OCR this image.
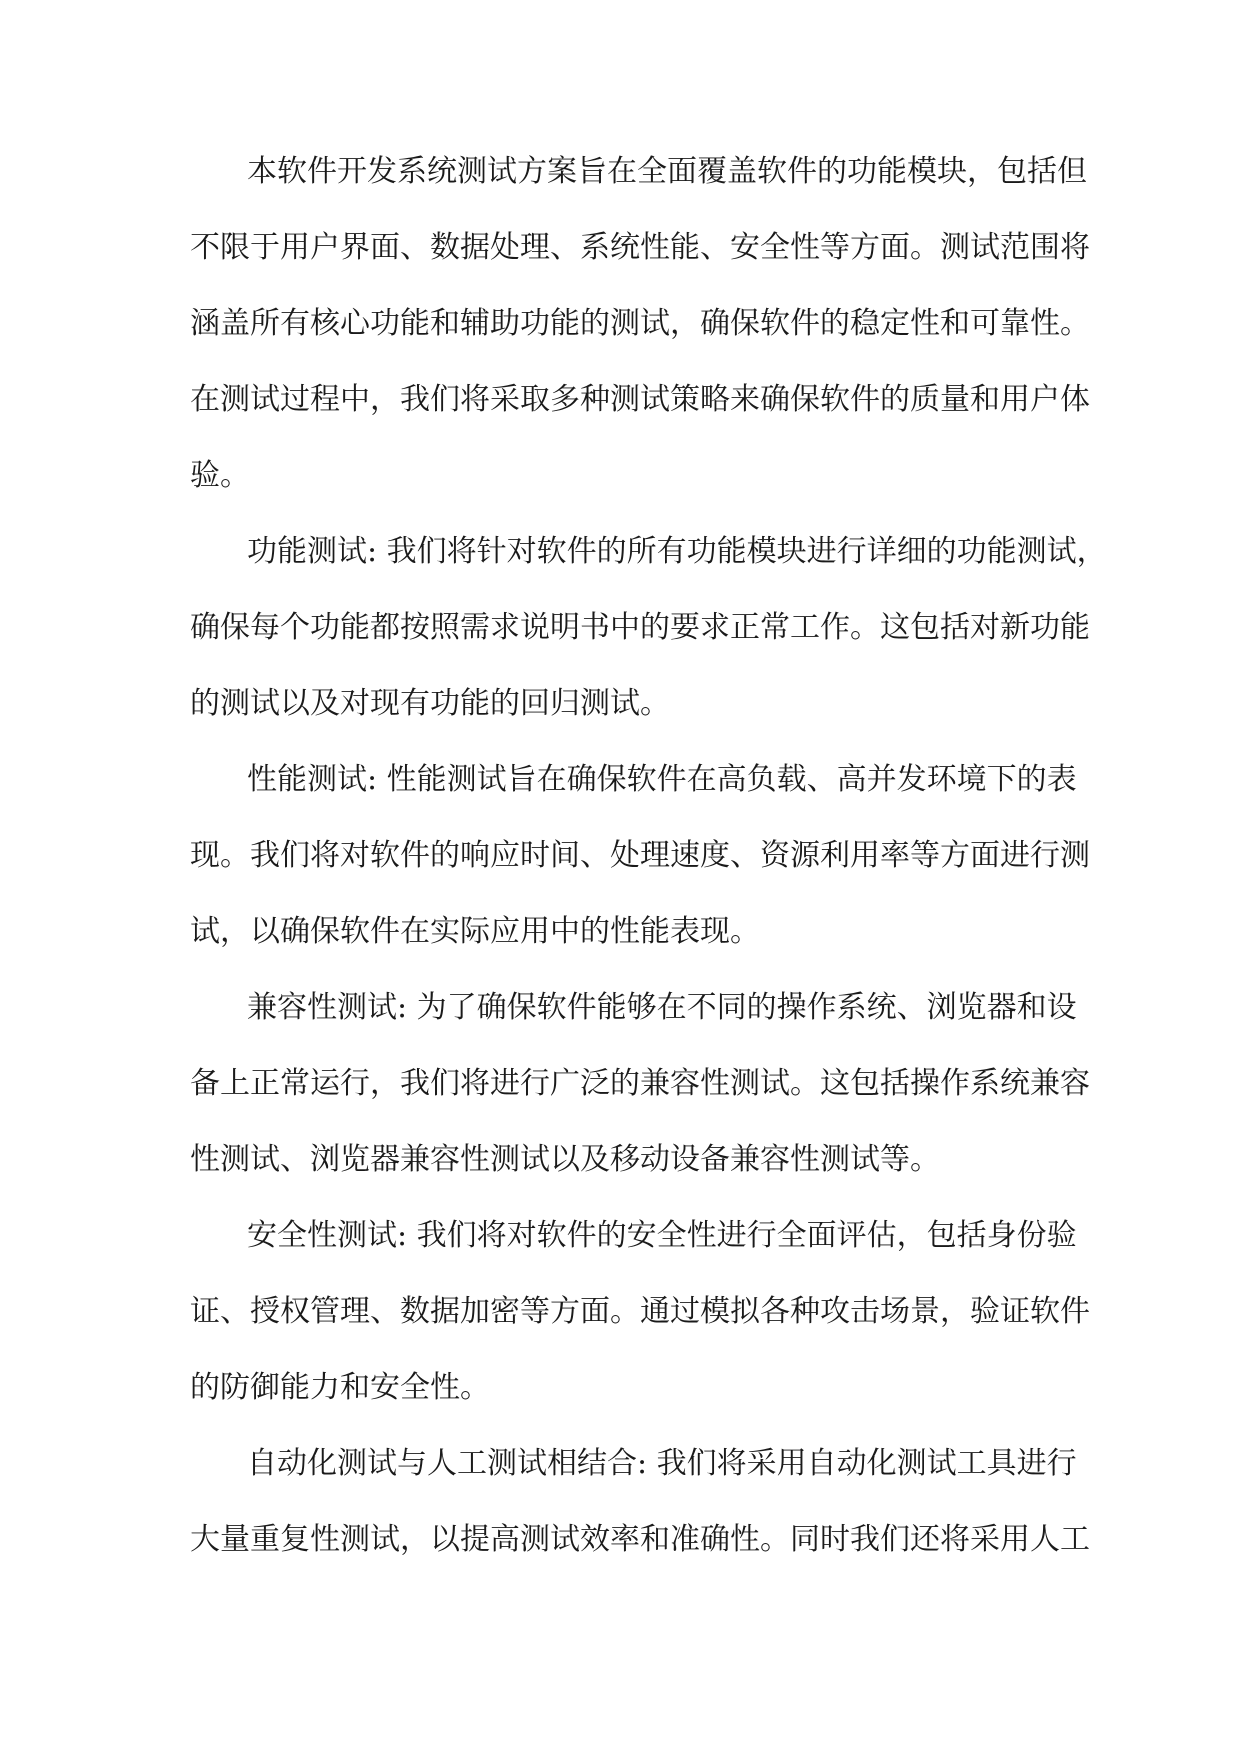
本软件开发系统测试方案旨在全面覆盖软件的功能模块，包括但
不限于用户界面、数据处理、系统性能、安全性等方面。测试范围将
涵盖所有核心功能和辅助功能的测试，确保软件的稳定性和可靠性。
在测试过程中，我们将采取多种测试策略来确保软件的质量和用户体
验。
功能测试: 我们将针对软件的所有功能模块进行详细的功能测试，
确保每个功能都按照需求说明书中的要求正常工作。这包括对新功能
的测试以及对现有功能的回归测试。
性能测试: 性能测试旨在确保软件在高负载、高并发环境下的表
现。我们将对软件的响应时间、处理速度、资源利用率等方面进行测
试，以确保软件在实际应用中的性能表现。
兼容性测试: 为了确保软件能够在不同的操作系统、浏览器和设
备上正常运行，我们将进行广泛的兼容性测试。这包括操作系统兼容
性测试、浏览器兼容性测试以及移动设备兼容性测试等。
安全性测试: 我们将对软件的安全性进行全面评估，包括身份验
证、授权管理、数据加密等方面。通过模拟各种攻击场景，验证软件
的防御能力和安全性。
自动化测试与人工测试相结合: 我们将采用自动化测试工具进行
大量重复性测试，以提高测试效率和准确性。同时我们还将采用人工
